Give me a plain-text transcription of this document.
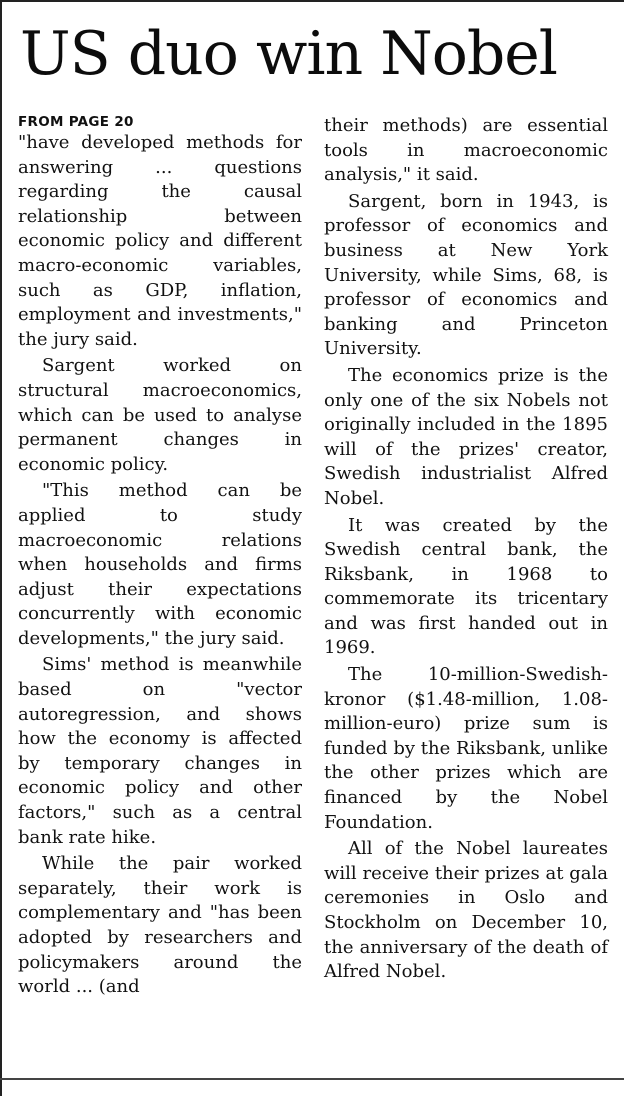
US duo win Nobel
FROM PAGE 20

"have developed methods for answering ... questions regarding the causal relationship between economic policy and different macro-economic variables, such as GDP, inflation, employment and investments," the jury said.

Sargent worked on structural macroeconomics, which can be used to analyse permanent changes in economic policy.

"This method can be applied to study macroeconomic relations when households and firms adjust their expectations concurrently with economic developments," the jury said.

Sims' method is meanwhile based on "vector autoregression, and shows how the economy is affected by temporary changes in economic policy and other factors," such as a central bank rate hike.

While the pair worked separately, their work is complementary and "has been adopted by researchers and policymakers around the world ... (and

their methods) are essential tools in macroeconomic analysis," it said.

Sargent, born in 1943, is professor of economics and business at New York University, while Sims, 68, is professor of economics and banking and Princeton University.

The economics prize is the only one of the six Nobels not originally included in the 1895 will of the prizes' creator, Swedish industrialist Alfred Nobel.

It was created by the Swedish central bank, the Riksbank, in 1968 to commemorate its tricentary and was first handed out in 1969.

The 10-million-Swedish-kronor ($1.48-million, 1.08-million-euro) prize sum is funded by the Riksbank, unlike the other prizes which are financed by the Nobel Foundation.

All of the Nobel laureates will receive their prizes at gala ceremonies in Oslo and Stockholm on December 10, the anniversary of the death of Alfred Nobel.
